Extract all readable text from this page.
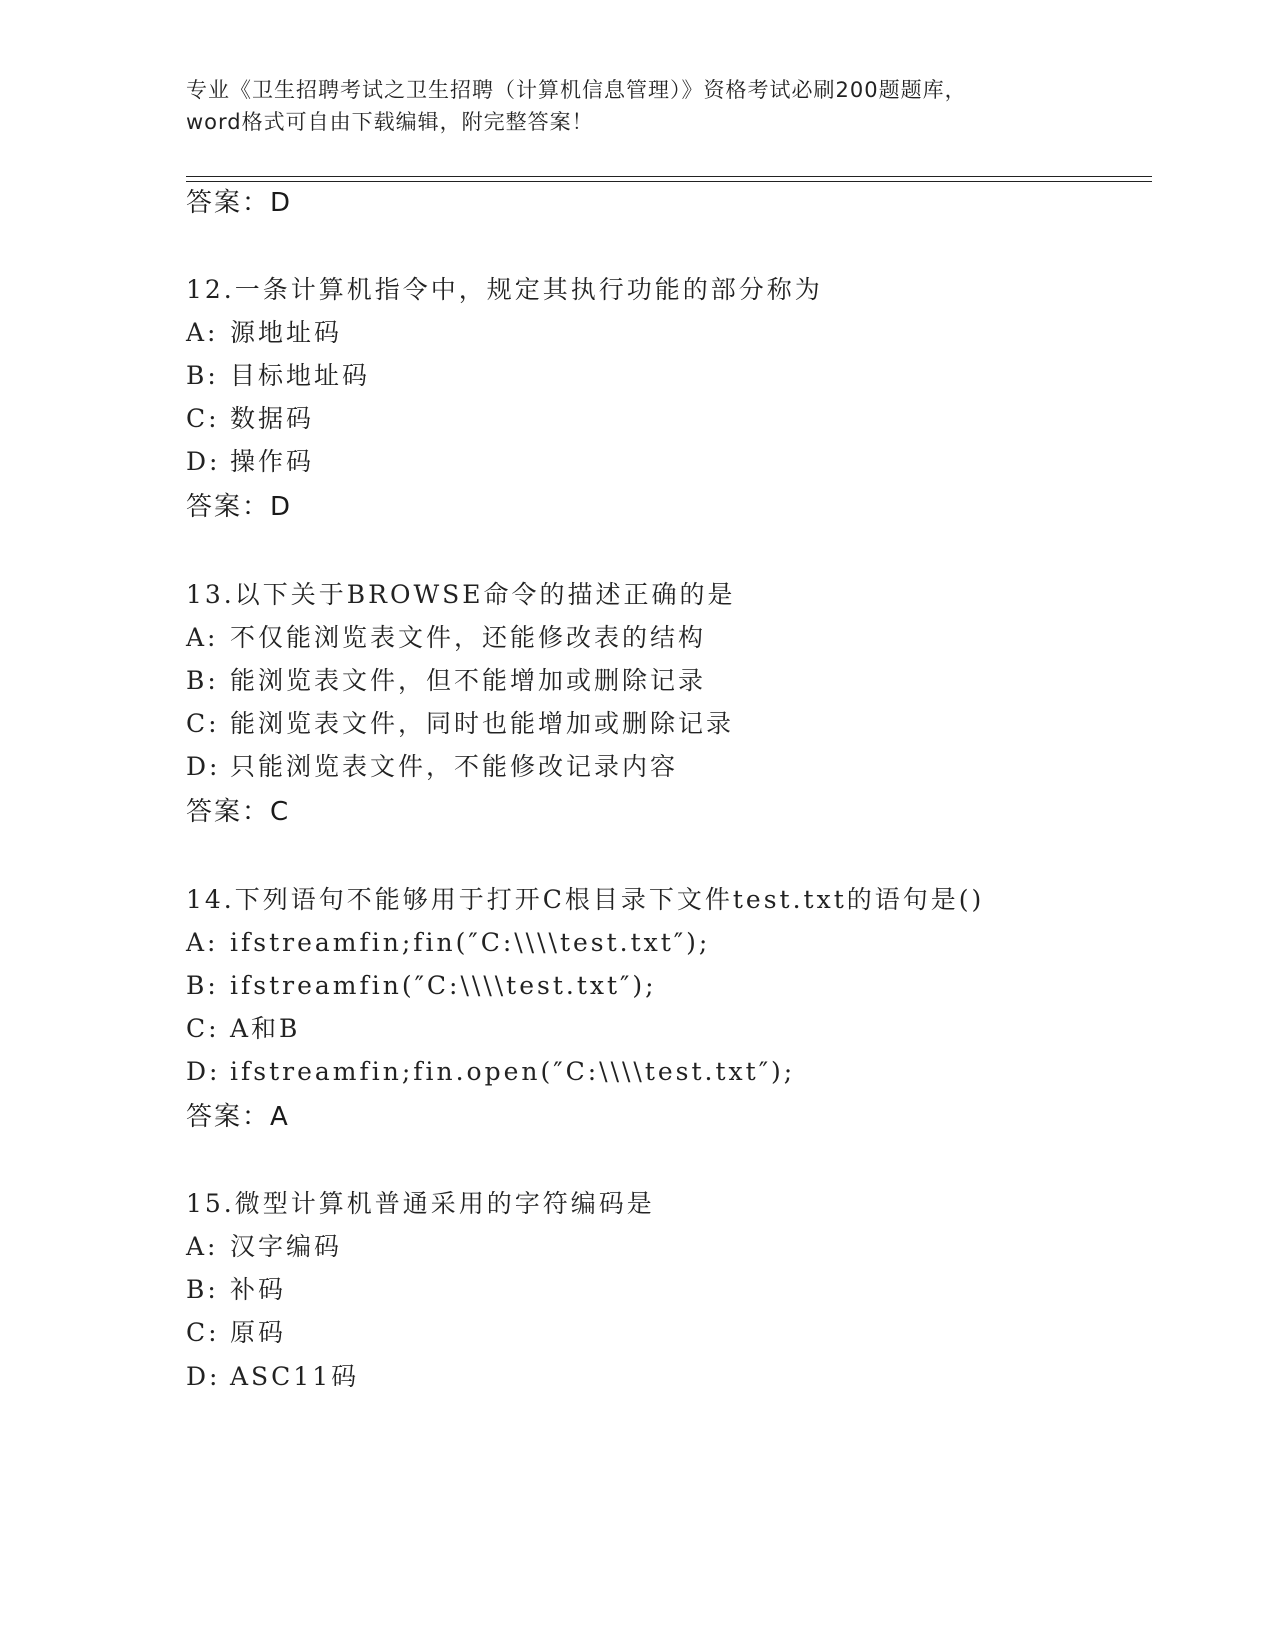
专业《卫生招聘考试之卫生招聘（计算机信息管理）》资格考试必刷200题题库，
word格式可自由下载编辑，附完整答案！
答案：D
12.一条计算机指令中，规定其执行功能的部分称为
A: 源地址码
B: 目标地址码
C: 数据码
D: 操作码
答案：D
13.以下关于BROWSE命令的描述正确的是
A: 不仅能浏览表文件，还能修改表的结构
B: 能浏览表文件，但不能增加或删除记录
C: 能浏览表文件，同时也能增加或删除记录
D: 只能浏览表文件，不能修改记录内容
答案：C
14.下列语句不能够用于打开C根目录下文件test.txt的语句是()
A: ifstreamfin;fin(″C:\\\\test.txt″);
B: ifstreamfin(″C:\\\\test.txt″);
C: A和B
D: ifstreamfin;fin.open(″C:\\\\test.txt″);
答案：A
15.微型计算机普通采用的字符编码是
A: 汉字编码
B: 补码
C: 原码
D: ASC11码
